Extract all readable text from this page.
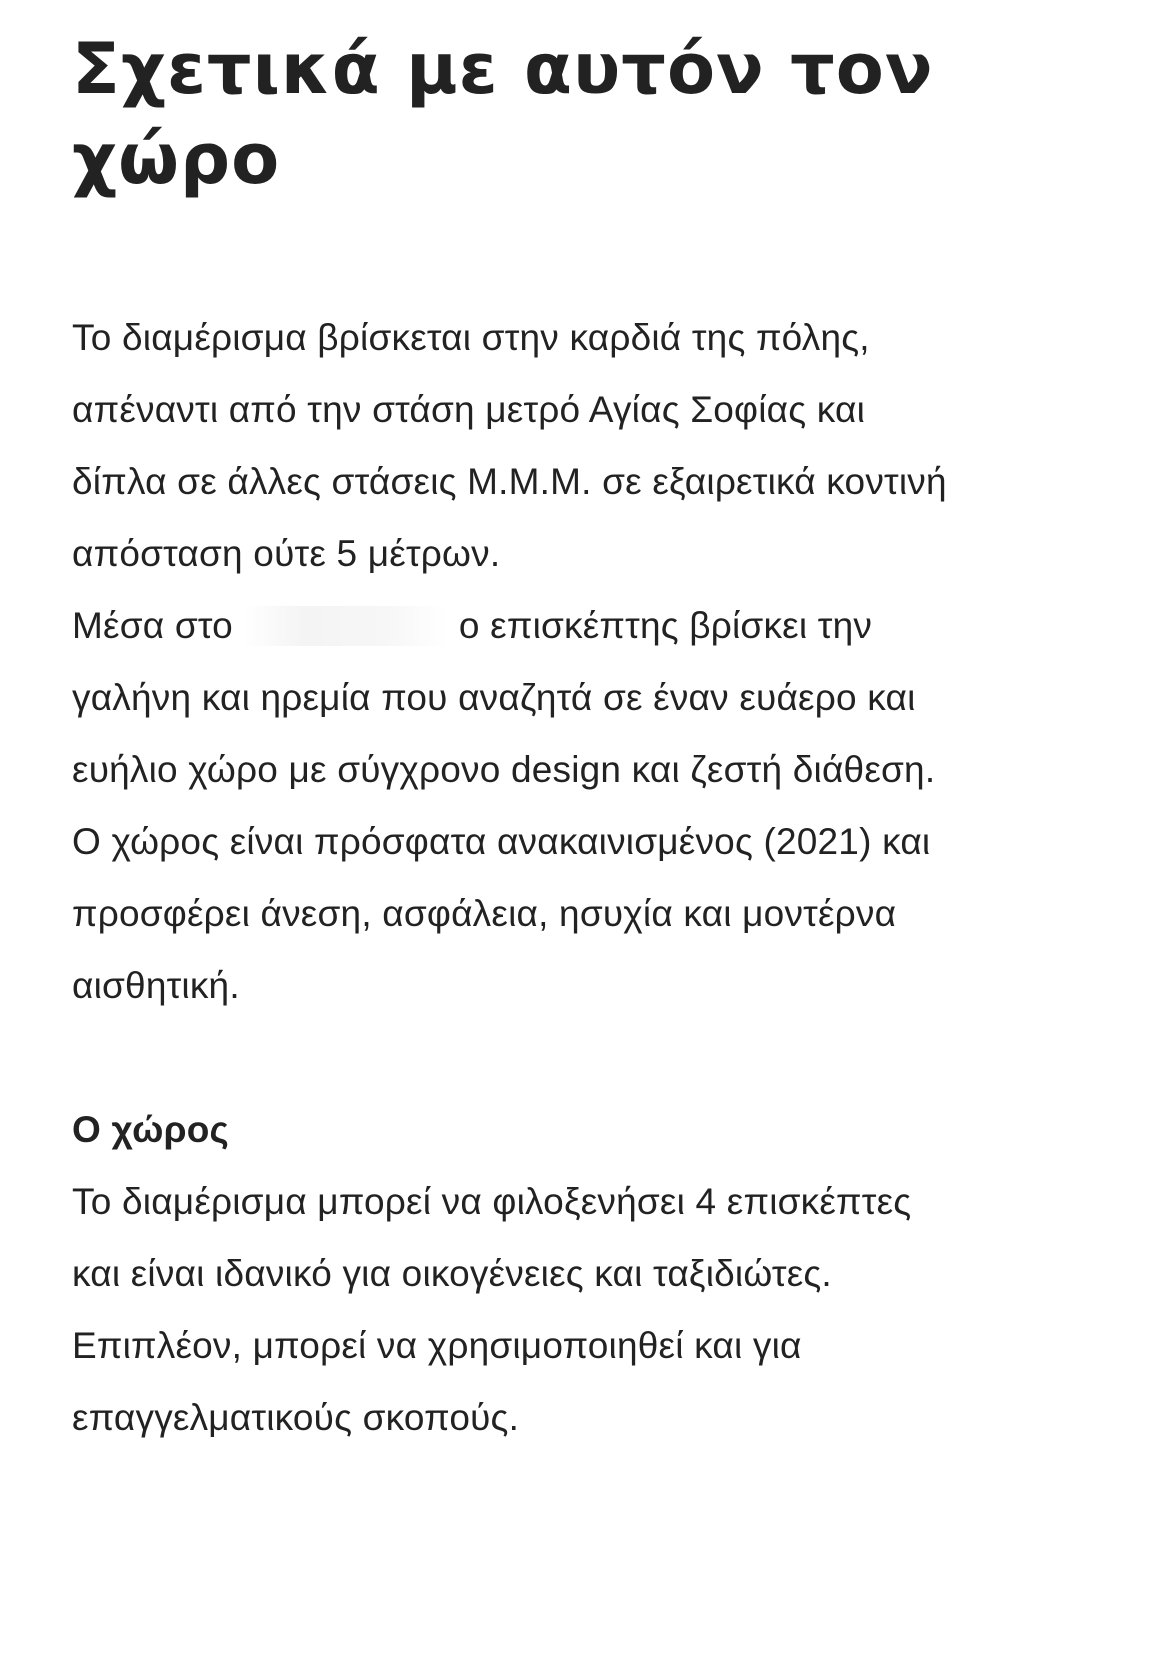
Σχετικά με αυτόν τον
χώρο
Το διαμέρισμα βρίσκεται στην καρδιά της πόλης,
απέναντι από την στάση μετρό Αγίας Σοφίας και
δίπλα σε άλλες στάσεις Μ.Μ.Μ. σε εξαιρετικά κοντινή
απόσταση ούτε 5 μέτρων.
Μέσα στο	ο επισκέπτης βρίσκει την
γαλήνη και ηρεμία που αναζητά σε έναν ευάερο και
ευήλιο χώρο με σύγχρονο design και ζεστή διάθεση.
Ο χώρος είναι πρόσφατα ανακαινισμένος (2021) και
προσφέρει άνεση, ασφάλεια, ησυχία και μοντέρνα
αισθητική.
Ο χώρος
Το διαμέρισμα μπορεί να φιλοξενήσει 4 επισκέπτες
και είναι ιδανικό για οικογένειες και ταξιδιώτες.
Επιπλέον, μπορεί να χρησιμοποιηθεί και για
επαγγελματικούς σκοπούς.
